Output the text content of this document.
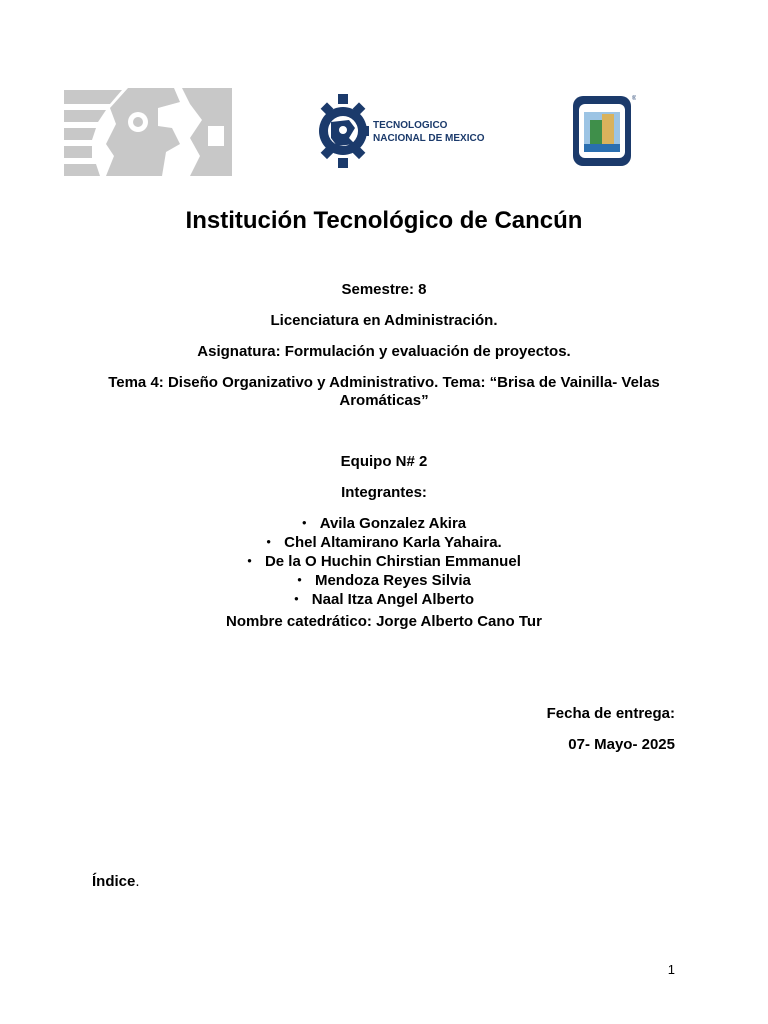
TECNOLOGICO
NACIONAL DE MEXICO
®
Institución Tecnológico de Cancún
Semestre: 8
Licenciatura en Administración.
Asignatura: Formulación y evaluación de proyectos.
Tema 4: Diseño Organizativo y Administrativo. Tema: “Brisa de Vainilla- Velas Aromáticas”
Equipo N# 2
Integrantes:
● Avila Gonzalez Akira
● Chel Altamirano Karla Yahaira.
● De la O Huchin Chirstian Emmanuel
● Mendoza Reyes Silvia
● Naal Itza Angel Alberto
Nombre catedrático: Jorge Alberto Cano Tur
Fecha de entrega:
07- Mayo- 2025
Índice.
1
